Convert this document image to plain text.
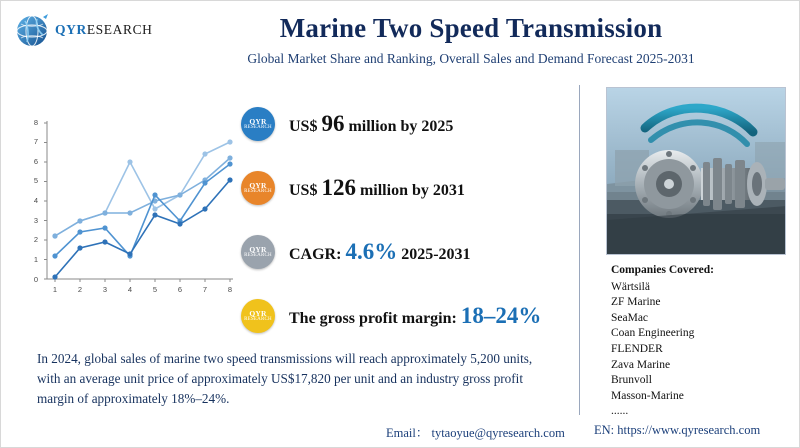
QYRESEARCH	Marine Two Speed Transmission
Global Market Share and Ranking, Overall Sales and Demand Forecast 2025-2031
0
1
2
3
4
5
6
7
8
1	2	3	4	5	6	7	8
QYR
RESEARCH US$ 96 million by 2025
QYR
RESEARCH US$ 126 million by 2031
QYR
RESEARCH CAGR: 4.6% 2025-2031
QYR
RESEARCH The gross profit margin: 18–24%
Companies Covered:
Wärtsilä
ZF Marine
SeaMac
Coan Engineering
FLENDER
Zava Marine
Brunvoll
Masson-Marine
......
In 2024, global sales of marine two speed transmissions will reach approximately 5,200 units, with an average unit price of approximately US$17,820 per unit and an industry gross profit margin of approximately 18%–24%.
Email： tytaoyue@qyresearch.com EN: https://www.qyresearch.com
